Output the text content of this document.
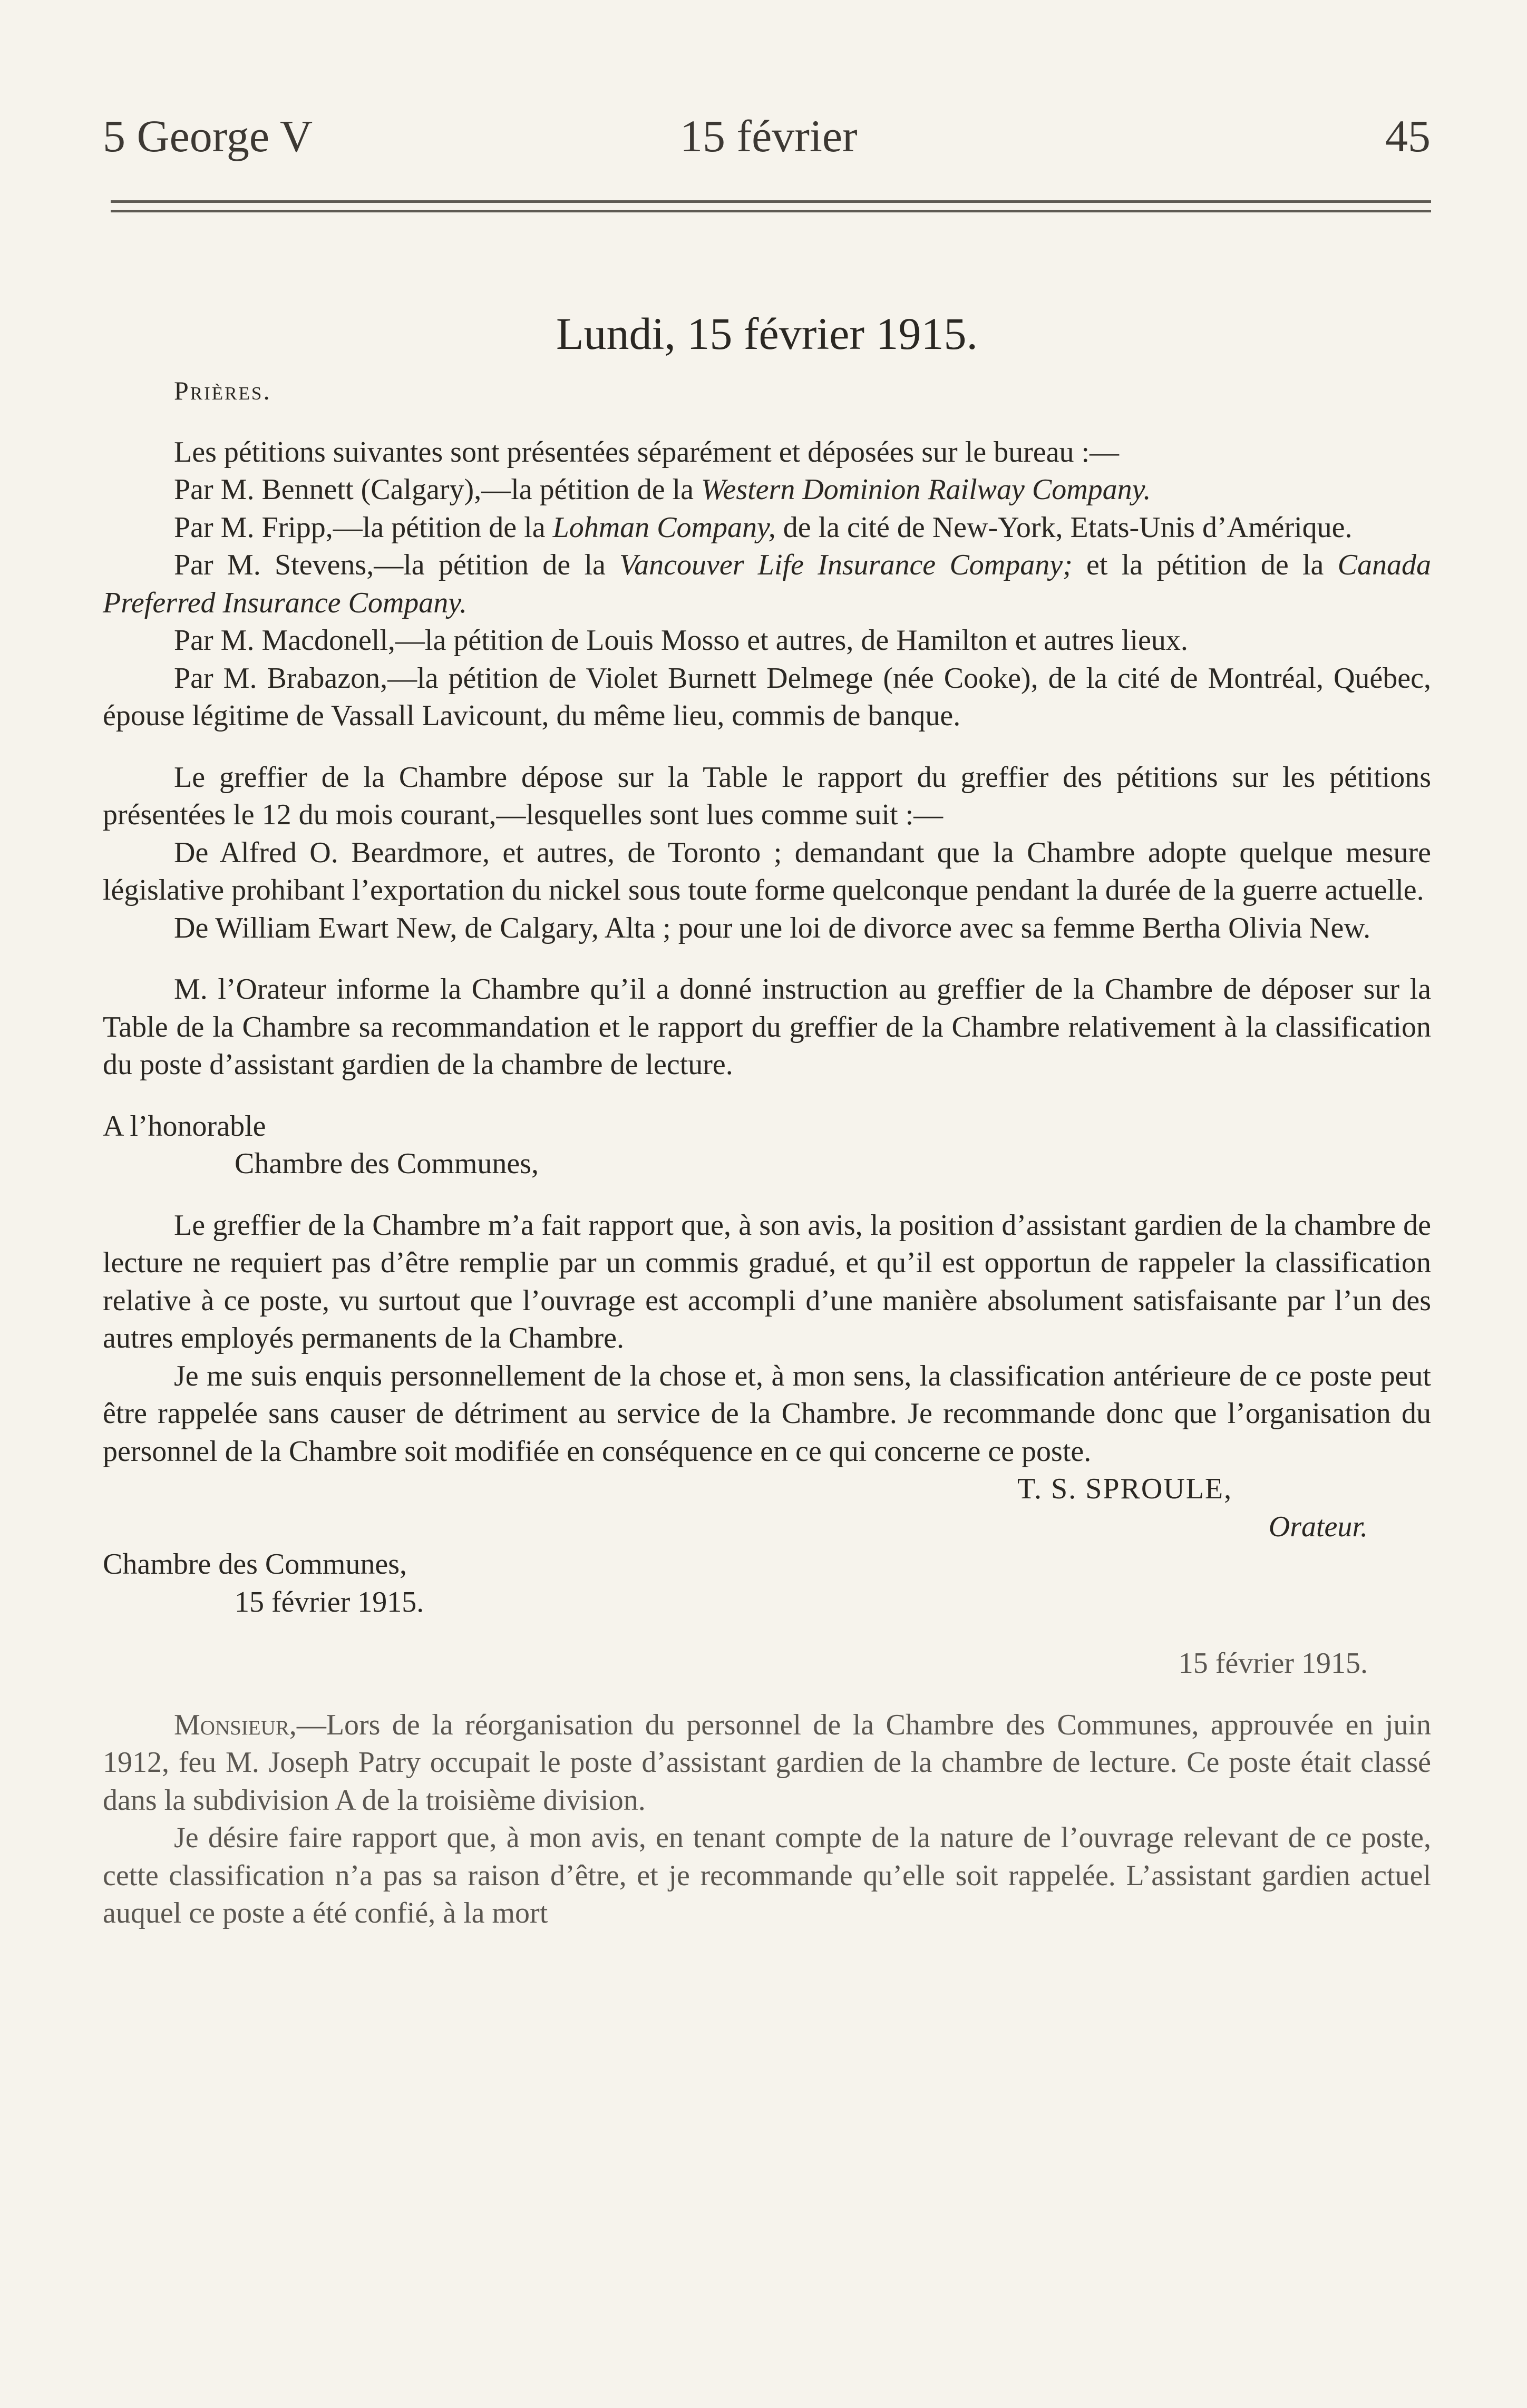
5 George V	15 février	45

Lundi, 15 février 1915.

Prières.

Les pétitions suivantes sont présentées séparément et déposées sur le bureau :—

Par M. Bennett (Calgary),—la pétition de la Western Dominion Railway Company.

Par M. Fripp,—la pétition de la Lohman Company, de la cité de New-York, Etats-Unis d’Amérique.

Par M. Stevens,—la pétition de la Vancouver Life Insurance Company; et la pétition de la Canada Preferred Insurance Company.

Par M. Macdonell,—la pétition de Louis Mosso et autres, de Hamilton et autres lieux.

Par M. Brabazon,—la pétition de Violet Burnett Delmege (née Cooke), de la cité de Montréal, Québec, épouse légitime de Vassall Lavicount, du même lieu, commis de banque.

Le greffier de la Chambre dépose sur la Table le rapport du greffier des pétitions sur les pétitions présentées le 12 du mois courant,—lesquelles sont lues comme suit :—

De Alfred O. Beardmore, et autres, de Toronto ; demandant que la Chambre adopte quelque mesure législative prohibant l’exportation du nickel sous toute forme quelconque pendant la durée de la guerre actuelle.

De William Ewart New, de Calgary, Alta ; pour une loi de divorce avec sa femme Bertha Olivia New.

M. l’Orateur informe la Chambre qu’il a donné instruction au greffier de la Chambre de déposer sur la Table de la Chambre sa recommandation et le rapport du greffier de la Chambre relativement à la classification du poste d’assistant gardien de la chambre de lecture.

A l’honorable

Chambre des Communes,

Le greffier de la Chambre m’a fait rapport que, à son avis, la position d’assistant gardien de la chambre de lecture ne requiert pas d’être remplie par un commis gradué, et qu’il est opportun de rappeler la classification relative à ce poste, vu surtout que l’ouvrage est accompli d’une manière absolument satisfaisante par l’un des autres employés permanents de la Chambre.

Je me suis enquis personnellement de la chose et, à mon sens, la classification antérieure de ce poste peut être rappelée sans causer de détriment au service de la Chambre. Je recommande donc que l’organisation du personnel de la Chambre soit modifiée en conséquence en ce qui concerne ce poste.

T. S. SPROULE,

Orateur.

Chambre des Communes,

15 février 1915.

15 février 1915.

Monsieur,—Lors de la réorganisation du personnel de la Chambre des Communes, approuvée en juin 1912, feu M. Joseph Patry occupait le poste d’assistant gardien de la chambre de lecture. Ce poste était classé dans la subdivision A de la troisième division.

Je désire faire rapport que, à mon avis, en tenant compte de la nature de l’ouvrage relevant de ce poste, cette classification n’a pas sa raison d’être, et je recommande qu’elle soit rappelée. L’assistant gardien actuel auquel ce poste a été confié, à la mort
